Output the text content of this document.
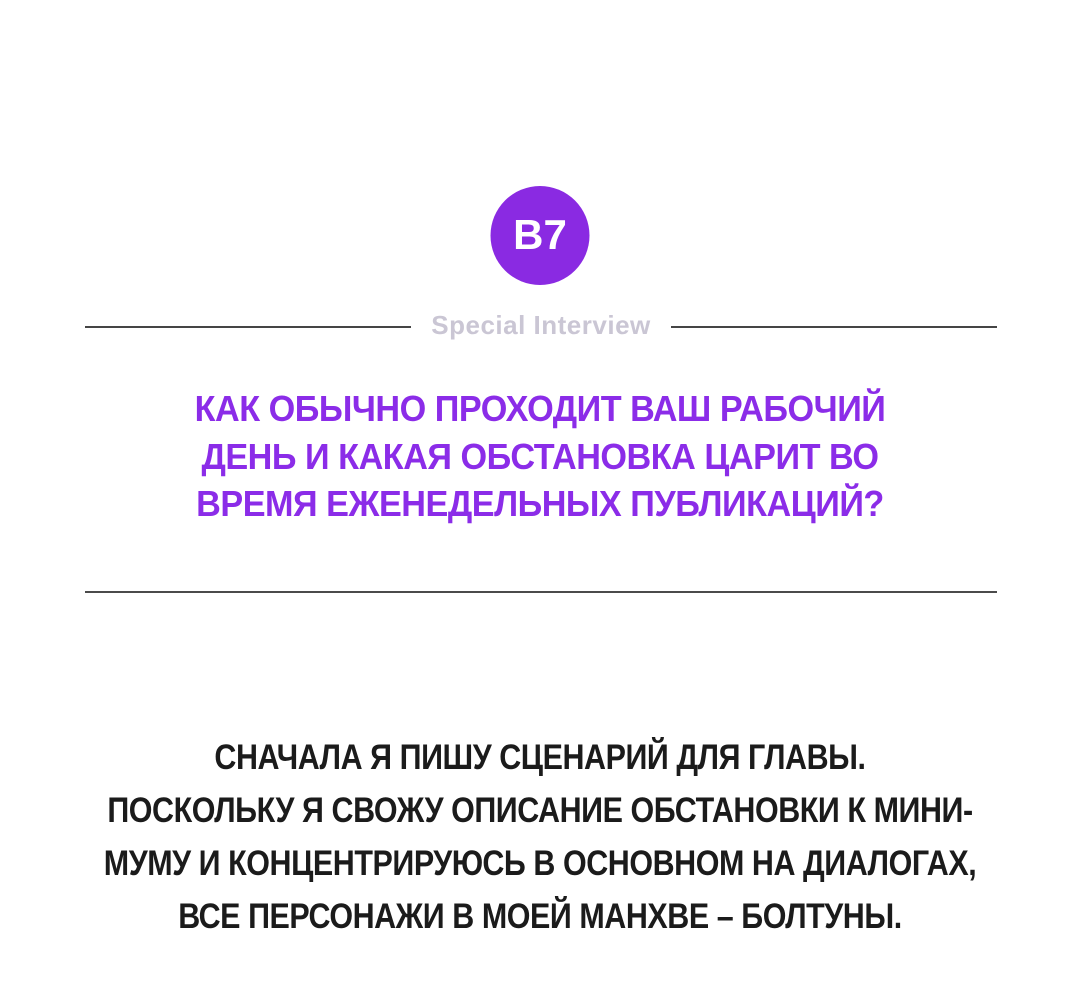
B7
Special Interview
КАК ОБЫЧНО ПРОХОДИТ ВАШ РАБОЧИЙ
ДЕНЬ И КАКАЯ ОБСТАНОВКА ЦАРИТ ВО
ВРЕМЯ ЕЖЕНЕДЕЛЬНЫХ ПУБЛИКАЦИЙ?
СНАЧАЛА Я ПИШУ СЦЕНАРИЙ ДЛЯ ГЛАВЫ.
ПОСКОЛЬКУ Я СВОЖУ ОПИСАНИЕ ОБСТАНОВКИ К МИНИ-
МУМУ И КОНЦЕНТРИРУЮСЬ В ОСНОВНОМ НА ДИАЛОГАХ,
ВСЕ ПЕРСОНАЖИ В МОЕЙ МАНХВЕ – БОЛТУНЫ.
